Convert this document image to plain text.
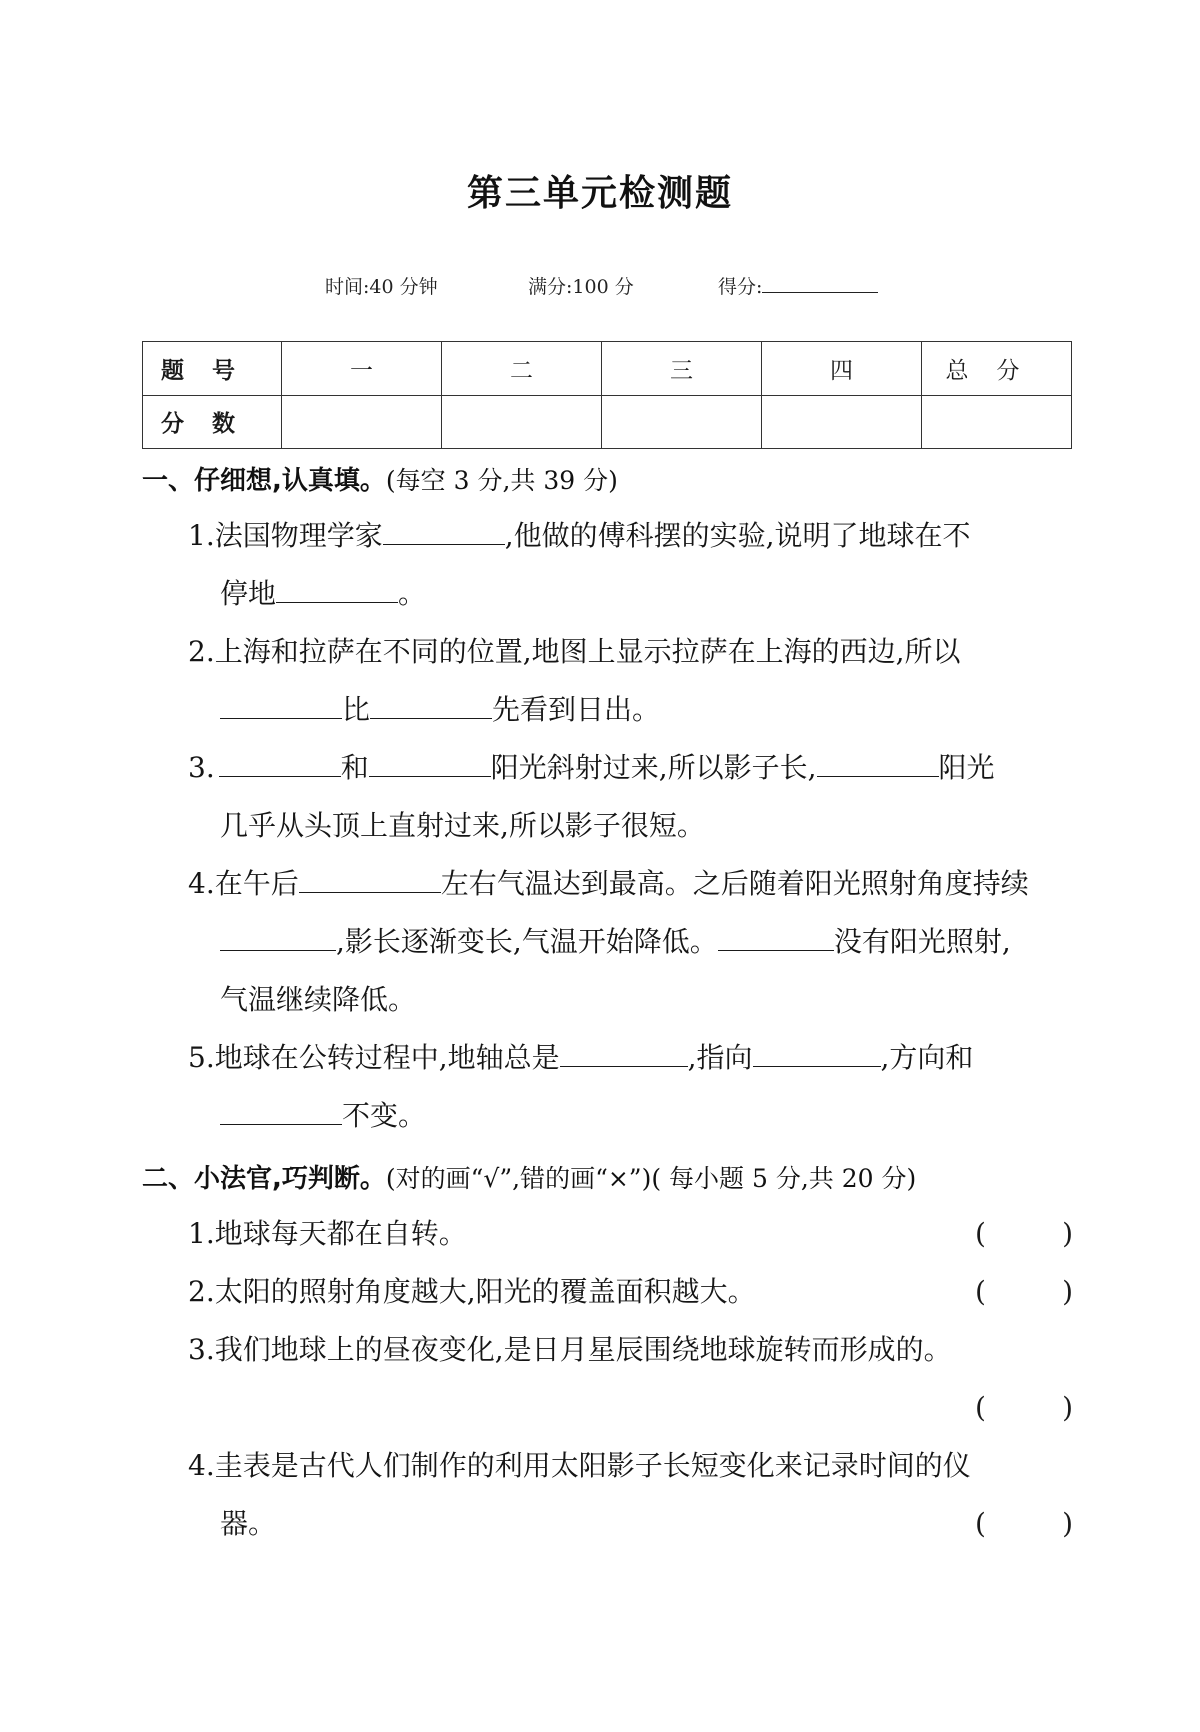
第三单元检测题
时间:40 分钟	满分:100 分	得分:
题号	一	二	三	四	总分
分数					
一、仔细想,认真填。(每空 3 分,共 39 分)
1.法国物理学家	,他做的傅科摆的实验,说明了地球在不
停地	。
2.上海和拉萨在不同的位置,地图上显示拉萨在上海的西边,所以
比	先看到日出。
3.	和	阳光斜射过来,所以影子长,	阳光
几乎从头顶上直射过来,所以影子很短。
4.在午后	左右气温达到最高。之后随着阳光照射角度持续
,影长逐渐变长,气温开始降低。	没有阳光照射,
气温继续降低。
5.地球在公转过程中,地轴总是	,指向	,方向和
不变。
二、小法官,巧判断。(对的画“√”,错的画“×”)( 每小题 5 分,共 20 分)
1.地球每天都在自转。	(	)
2.太阳的照射角度越大,阳光的覆盖面积越大。	(	)
3.我们地球上的昼夜变化,是日月星辰围绕地球旋转而形成的。
(	)
4.圭表是古代人们制作的利用太阳影子长短变化来记录时间的仪
器。	(	)
